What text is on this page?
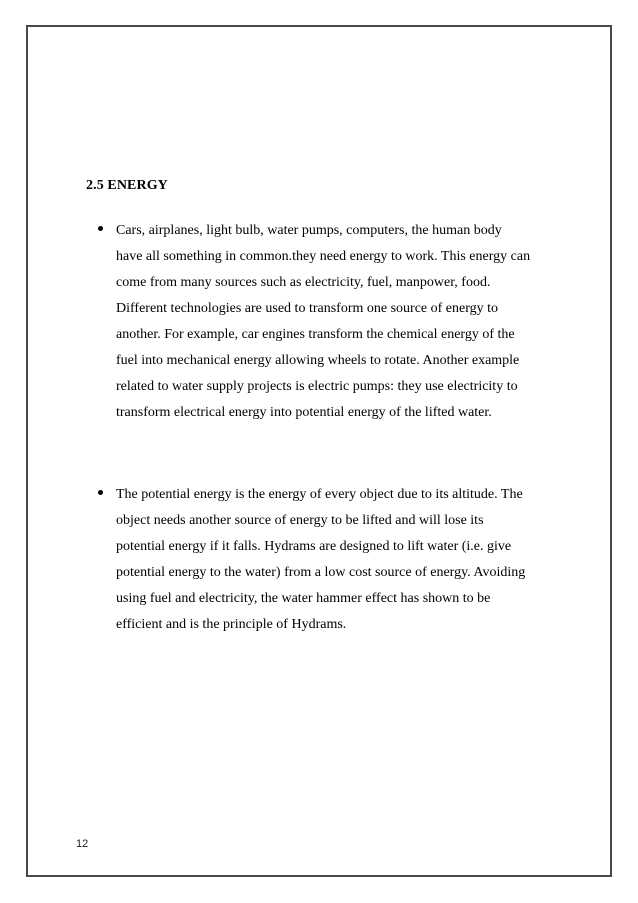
2.5 ENERGY
Cars, airplanes, light bulb, water pumps, computers, the human body
have all something in common.they need energy to work. This energy can
come from many sources such as electricity, fuel, manpower, food.
Different technologies are used to transform one source of energy to
another. For example, car engines transform the chemical energy of the
fuel into mechanical energy allowing wheels to rotate. Another example
related to water supply projects is electric pumps: they use electricity to
transform electrical energy into potential energy of the lifted water.
The potential energy is the energy of every object due to its altitude. The
object needs another source of energy to be lifted and will lose its
potential energy if it falls. Hydrams are designed to lift water (i.e. give
potential energy to the water) from a low cost source of energy. Avoiding
using fuel and electricity, the water hammer effect has shown to be
efficient and is the principle of Hydrams.
12
